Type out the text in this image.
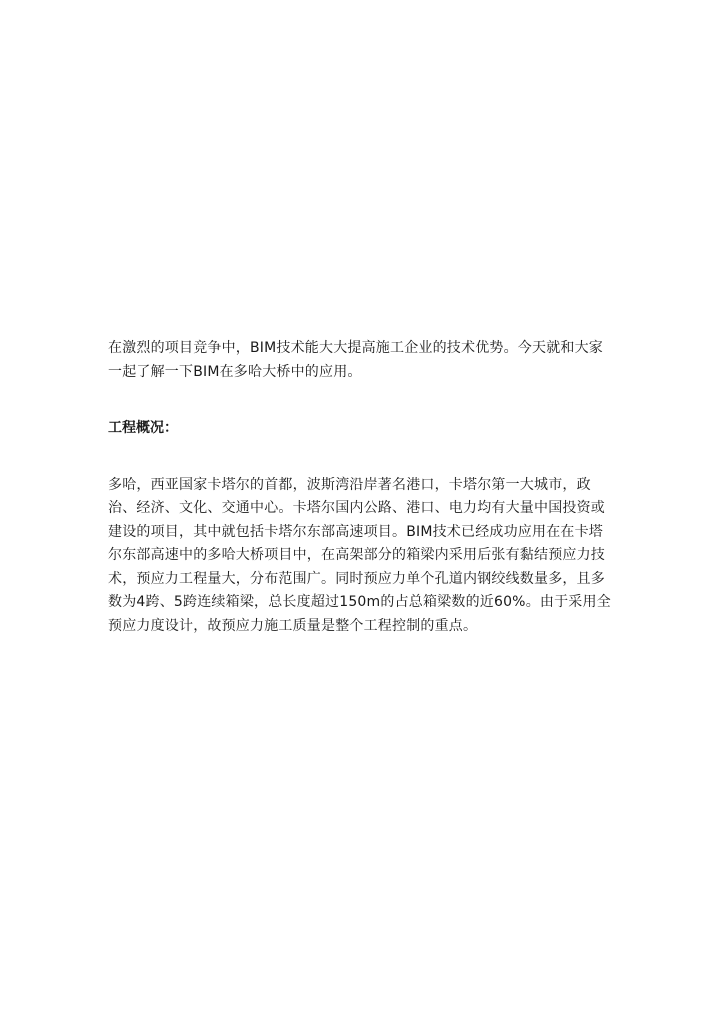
在激烈的项目竞争中，BIM技术能大大提高施工企业的技术优势。今天就和大家
一起了解一下BIM在多哈大桥中的应用。

工程概况：

多哈，西亚国家卡塔尔的首都，波斯湾沿岸著名港口，卡塔尔第一大城市，政
治、经济、文化、交通中心。卡塔尔国内公路、港口、电力均有大量中国投资或
建设的项目，其中就包括卡塔尔东部高速项目。BIM技术已经成功应用在在卡塔
尔东部高速中的多哈大桥项目中，在高架部分的箱梁内采用后张有黏结预应力技
术，预应力工程量大，分布范围广。同时预应力单个孔道内钢绞线数量多，且多
数为4跨、5跨连续箱梁，总长度超过150m的占总箱梁数的近60%。由于采用全
预应力度设计，故预应力施工质量是整个工程控制的重点。
